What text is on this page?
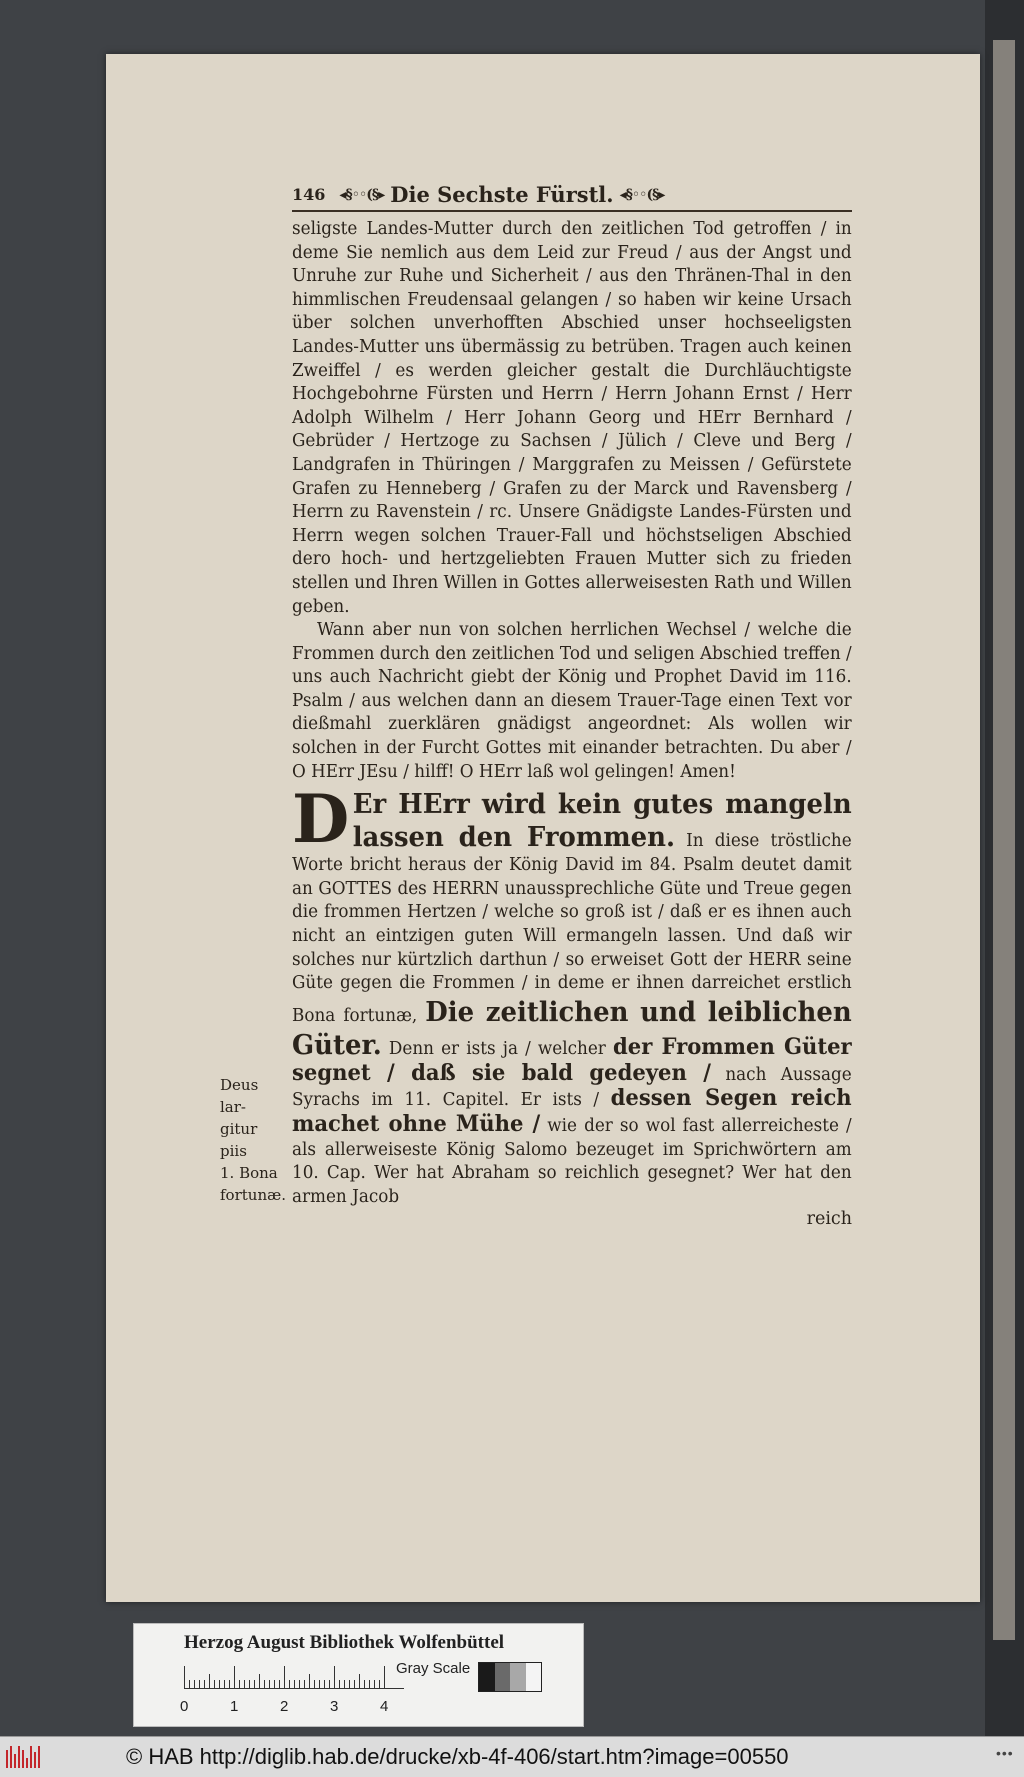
146 ◂§◦◦(§▸ Die Sechste Fürstl. ◂§◦◦(§▸

seligste Landes-Mutter durch den zeitlichen Tod getroffen / in deme Sie nemlich aus dem Leid zur Freud / aus der Angst und Unruhe zur Ruhe und Sicherheit / aus den Thränen-Thal in den himmlischen Freudensaal gelangen / so haben wir keine Ursach über solchen unverhofften Abschied unser hochseeligsten Landes-Mutter uns übermässig zu betrüben. Tragen auch keinen Zweiffel / es werden gleicher gestalt die Durchläuchtigste Hochgebohrne Fürsten und Herrn / Herrn Johann Ernst / Herr Adolph Wilhelm / Herr Johann Georg und HErr Bernhard / Gebrüder / Hertzoge zu Sachsen / Jülich / Cleve und Berg / Landgrafen in Thüringen / Marggrafen zu Meissen / Gefürstete Grafen zu Henneberg / Grafen zu der Marck und Ravensberg / Herrn zu Ravenstein / rc. Unsere Gnädigste Landes-Fürsten und Herrn wegen solchen Trauer-Fall und höchstseligen Abschied dero hoch- und hertzgeliebten Frauen Mutter sich zu frieden stellen und Ihren Willen in Gottes allerweisesten Rath und Willen geben.

Wann aber nun von solchen herrlichen Wechsel / welche die Frommen durch den zeitlichen Tod und seligen Abschied treffen / uns auch Nachricht giebt der König und Prophet David im 116. Psalm / aus welchen dann an diesem Trauer-Tage einen Text vor dießmahl zuerklären gnädigst angeordnet: Als wollen wir solchen in der Furcht Gottes mit einander betrachten. Du aber / O HErr JEsu / hilff! O HErr laß wol gelingen! Amen!

D Er HErr wird kein gutes mangeln lassen den Frommen. In diese tröstliche Worte bricht heraus der König David im 84. Psalm deutet damit an GOTTES des HERRN unaussprechliche Güte und Treue gegen die frommen Hertzen / welche so groß ist / daß er es ihnen auch nicht an eintzigen guten Will ermangeln lassen. Und daß wir solches nur kürtzlich darthun / so erweiset Gott der HERR seine Güte gegen die Frommen / in deme er ihnen darreichet erstlich Bona fortunæ, Die zeitlichen und leiblichen Güter. Denn er ists ja / welcher der Frommen Güter segnet / daß sie bald gedeyen / nach Aussage Syrachs im 11. Capitel. Er ists / dessen Segen reich machet ohne Mühe / wie der so wol fast allerreicheste / als allerweiseste König Salomo bezeuget im Sprichwörtern am 10. Cap. Wer hat Abraham so reichlich gesegnet? Wer hat den armen Jacob

reich
Deus lar-
gitur piis
1. Bona
fortunæ.
Herzog August Bibliothek Wolfenbüttel
0	1	2	3	4
Gray Scale
© HAB http://diglib.hab.de/drucke/xb-4f-406/start.htm?image=00550	•••
